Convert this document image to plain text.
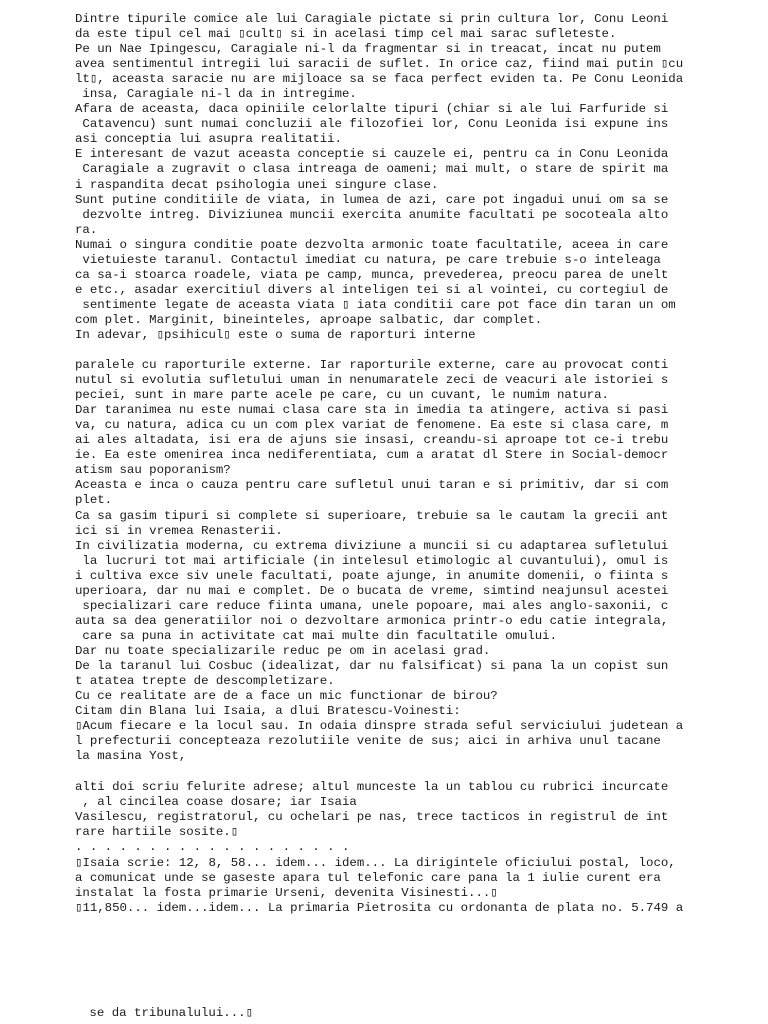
Dintre tipurile comice ale lui Caragiale pictate si prin cultura lor, Conu Leoni
da este tipul cel mai ▯cult▯ si in acelasi timp cel mai sarac sufleteste.
Pe un Nae Ipingescu, Caragiale ni-l da fragmentar si in treacat, incat nu putem
avea sentimentul intregii lui saracii de suflet. In orice caz, fiind mai putin ▯cu
lt▯, aceasta saracie nu are mijloace sa se faca perfect eviden ta. Pe Conu Leonida
insa, Caragiale ni-l da in intregime.
Afara de aceasta, daca opiniile celorlalte tipuri (chiar si ale lui Farfuride si
Catavencu) sunt numai concluzii ale filozofiei lor, Conu Leonida isi expune ins
asi conceptia lui asupra realitatii.
E interesant de vazut aceasta conceptie si cauzele ei, pentru ca in Conu Leonida
Caragiale a zugravit o clasa intreaga de oameni; mai mult, o stare de spirit ma
i raspandita decat psihologia unei singure clase.
Sunt putine conditiile de viata, in lumea de azi, care pot ingadui unui om sa se
dezvolte intreg. Diviziunea muncii exercita anumite facultati pe socoteala alto
ra.
Numai o singura conditie poate dezvolta armonic toate facultatile, aceea in care
vietuieste taranul. Contactul imediat cu natura, pe care trebuie s-o inteleaga
ca sa-i stoarca roadele, viata pe camp, munca, prevederea, preocu parea de unelt
e etc., asadar exercitiul divers al inteligen tei si al vointei, cu cortegiul de
sentimente legate de aceasta viata ▯ iata conditii care pot face din taran un om
com plet. Marginit, bineinteles, aproape salbatic, dar complet.
In adevar, ▯psihicul▯ este o suma de raporturi interne
paralele cu raporturile externe. Iar raporturile externe, care au provocat conti
nutul si evolutia sufletului uman in nenumaratele zeci de veacuri ale istoriei s
peciei, sunt in mare parte acele pe care, cu un cuvant, le numim natura.
Dar taranimea nu este numai clasa care sta in imedia ta atingere, activa si pasi
va, cu natura, adica cu un com plex variat de fenomene. Ea este si clasa care, m
ai ales altadata, isi era de ajuns sie insasi, creandu-si aproape tot ce-i trebu
ie. Ea este omenirea inca nediferentiata, cum a aratat dl Stere in Social-democr
atism sau poporanism?
Aceasta e inca o cauza pentru care sufletul unui taran e si primitiv, dar si com
plet.
Ca sa gasim tipuri si complete si superioare, trebuie sa le cautam la grecii ant
ici si in vremea Renasterii.
In civilizatia moderna, cu extrema diviziune a muncii si cu adaptarea sufletului
la lucruri tot mai artificiale (in intelesul etimologic al cuvantului), omul is
i cultiva exce siv unele facultati, poate ajunge, in anumite domenii, o fiinta s
uperioara, dar nu mai e complet. De o bucata de vreme, simtind neajunsul acestei
specializari care reduce fiinta umana, unele popoare, mai ales anglo-saxonii, c
auta sa dea generatiilor noi o dezvoltare armonica printr-o edu catie integrala,
care sa puna in activitate cat mai multe din facultatile omului.
Dar nu toate specializarile reduc pe om in acelasi grad.
De la taranul lui Cosbuc (idealizat, dar nu falsificat) si pana la un copist sun
t atatea trepte de descompletizare.
Cu ce realitate are de a face un mic functionar de birou?
Citam din Blana lui Isaia, a dlui Bratescu-Voinesti:
▯Acum fiecare e la locul sau. In odaia dinspre strada seful serviciului judetean a
l prefecturii concepteaza rezolutiile venite de sus; aici in arhiva unul tacane
la masina Yost,
alti doi scriu felurite adrese; altul munceste la un tablou cu rubrici incurcate
, al cincilea coase dosare; iar Isaia
Vasilescu, registratorul, cu ochelari pe nas, trece tacticos in registrul de int
rare hartiile sosite.▯
. . . . . . . . . . . . . . . . . . .
▯Isaia scrie: 12, 8, 58... idem... idem... La dirigintele oficiului postal, loco,
a comunicat unde se gaseste apara tul telefonic care pana la 1 iulie curent era
instalat la fosta primarie Urseni, devenita Visinesti...▯
▯11,850... idem...idem... La primaria Pietrosita cu ordonanta de plata no. 5.749 a
se da tribunalului...▯
